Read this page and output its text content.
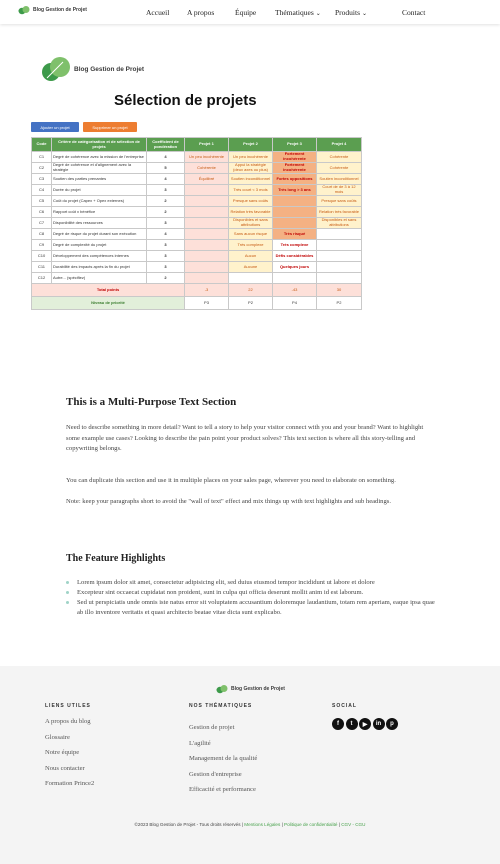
Blog Gestion de Projet	Accueil	A propos	Équipe	Thématiques ⌄	Produits ⌄	Contact
Blog Gestion de Projet
Sélection de projets
Ajouter un projet	Supprimer un projet
Code	Critère de catégorisation et de sélection de projets	Coefficient de pondération	Projet 1	Projet 2	Projet 3	Projet 4
C1	Degré de cohérence avec la mission de l'entreprise	4	Un peu incohérente	Un peu incohérente	Fortement incohérente	Cohérente
C2	Degré de cohérence et d'alignement avec la stratégie	5	Cohérente	Appui la stratégie (deux axes ou plus)	Fortement incohérente	Cohérente
C3	Soutien des parties prenantes	4	Équilibré	Soutien inconditionnel	Fortes oppositions	Soutien inconditionnel
C4	Durée du projet	3		Très court < 3 mois	Très long > 3 ans	Court de de 3 à 12 mois
C5	Coût du projet (Capex + Opex externes)	2		Presque sans coûts		Presque sans coûts
C6	Rapport coût x bénéfice	2		Relation très favorable		Relation très favorable
C7	Disponibilité des ressources	3		Disponibles et sans attributions		Disponibles et sans attributions
C8	Degré de risque du projet durant son exécution	4		Sans aucun risque	Très risqué	
C9	Degré de complexité du projet	3		Très complexe	Très complexe	
C10	Développement des compétences internes	3		Aucun	Défis considérables	
C11	Durabilité des impacts après la fin du projet	3		Aucune	Quelques jours	
C12	Autre... (spécifiez)	2				
Total points			-3	22	-43	30
Niveau de priorité			P3	P2	P4	P2
This is a Multi-Purpose Text Section
Need to describe something in more detail? Want to tell a story to help your visitor connect with you and your brand? Want to highlight some example use cases? Looking to describe the pain point your product solves? This text section is where all this story-telling and copywriting belongs.
You can duplicate this section and use it in multiple places on your sales page, wherever you need to elaborate on something.
Note: keep your paragraphs short to avoid the "wall of text" effect and mix things up with text highlights and sub headings.
The Feature Highlights
Lorem ipsum dolor sit amet, consectetur adipisicing elit, sed duius eiusmod tempor incididunt ut labore et dolore
Excepteur sint occaecat cupidatat non proident, sunt in culpa qui officia deserunt mollit anim id est laborum.
Sed ut perspiciatis unde omnis iste natus error sit voluptatem accusantium doloremque laudantium, totam rem aperiam, eaque ipsa quae ab illo inventore veritatis et quasi architecto beatae vitae dicta sunt explicabo.
Blog Gestion de Projet
LIENS UTILES	NOS THÉMATIQUES	SOCIAL
A propos du blog
Glossaire
Notre équipe
Nous contacter
Formation Prince2
Gestion de projet
L'agilité
Management de la qualité
Gestion d'entreprise
Efficacité et performance
f	t	▶	in	p
©2023 Blog Gestion de Projet - Tous droits réservés | Mentions Légales | Politique de confidentialité | CGV - CGU
